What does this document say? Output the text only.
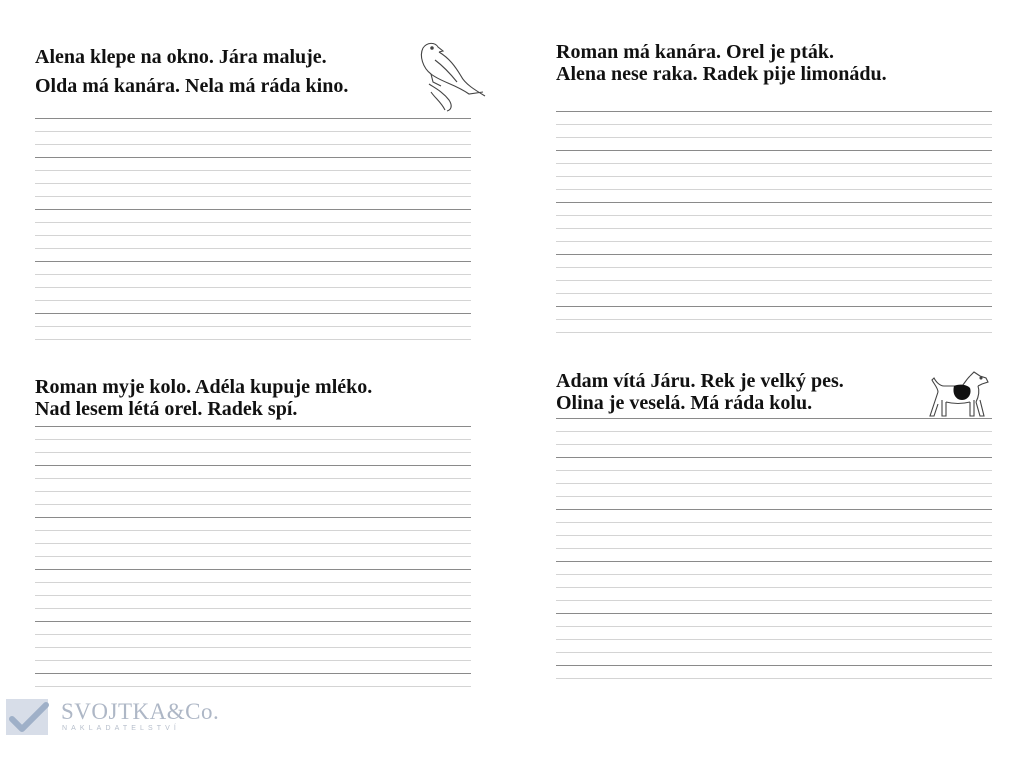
Alena klepe na okno. Jára maluje.
Olda má kanára. Nela má ráda kino.
Roman má kanára. Orel je pták.
Alena nese raka. Radek pije limonádu.
Roman myje kolo. Adéla kupuje mléko.
Nad lesem létá orel. Radek spí.
Adam vítá Járu. Rek je velký pes.
Olina je veselá. Má ráda kolu.
SVOJTKA&Co.
NAKLADATELSTVÍ
